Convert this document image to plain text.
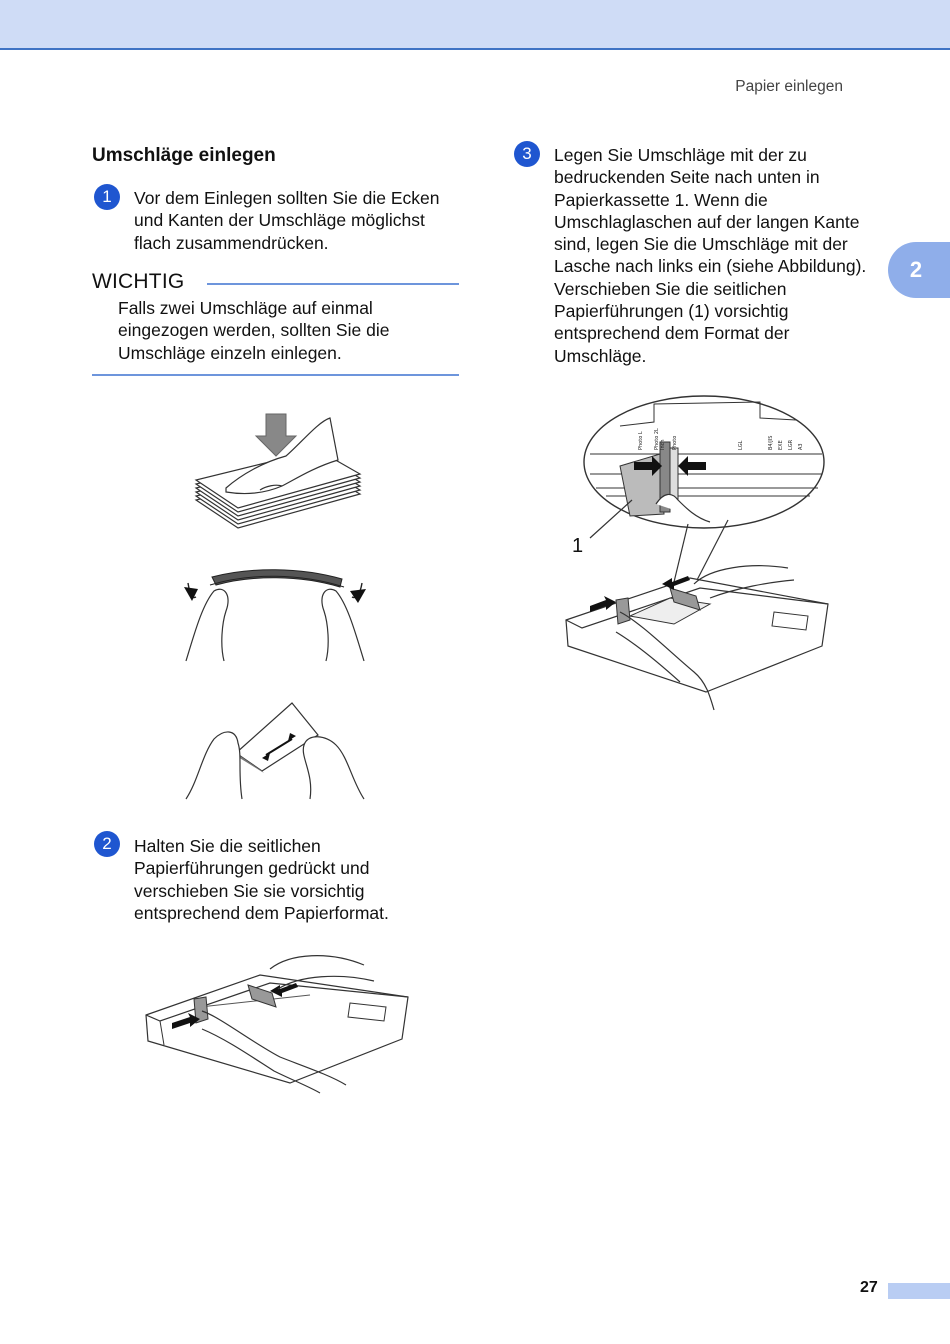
Papier einlegen
2
Umschläge einlegen
1	Vor dem Einlegen sollten Sie die Ecken
und Kanten der Umschläge möglichst
flach zusammendrücken.
WICHTIG
Falls zwei Umschläge auf einmal
eingezogen werden, sollten Sie die
Umschläge einzeln einlegen.
2	Halten Sie die seitlichen
Papierführungen gedrückt und
verschieben Sie sie vorsichtig
entsprechend dem Papierformat.
3	Legen Sie Umschläge mit der zu
bedruckenden Seite nach unten in
Papierkassette 1. Wenn die
Umschlaglaschen auf der langen Kante
sind, legen Sie die Umschläge mit der
Lasche nach links ein (siehe Abbildung).
Verschieben Sie die seitlichen
Papierführungen (1) vorsichtig
entsprechend dem Format der
Umschläge.
Photo L Photo 2L Inch Photo	LGL	B4/JIS EXE LGR A3
1
27
